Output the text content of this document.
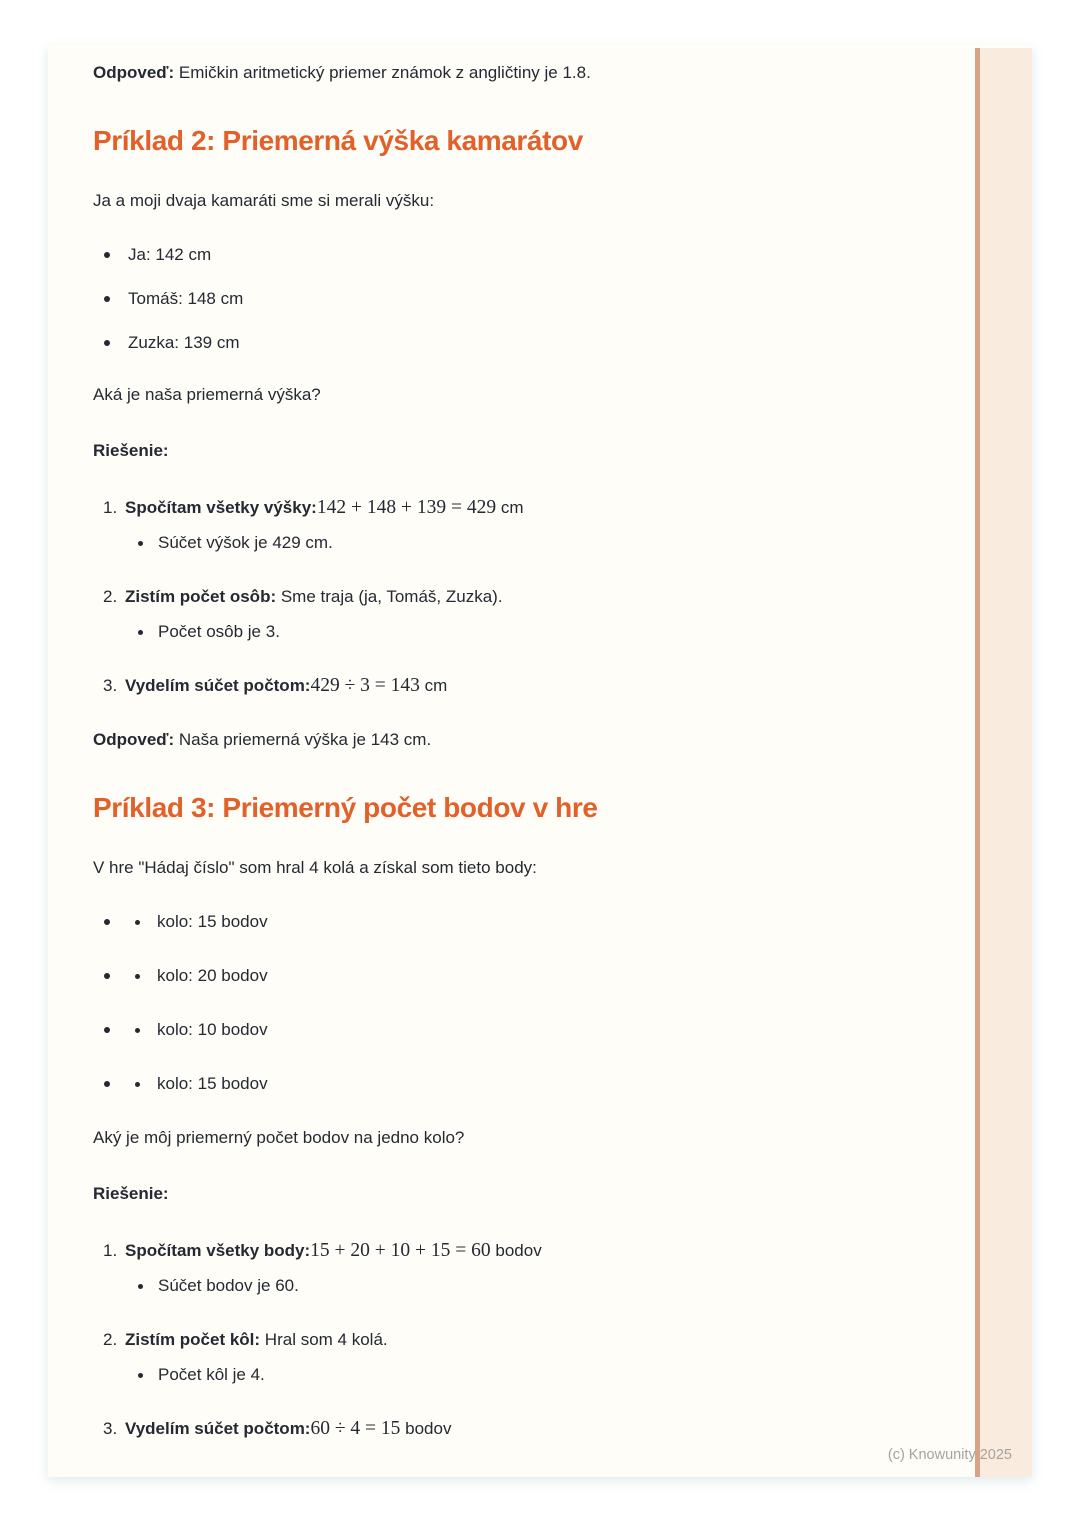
Odpoveď: Emičkin aritmetický priemer známok z angličtiny je 1.8.

Príklad 2: Priemerná výška kamarátov

Ja a moji dvaja kamaráti sme si merali výšku:

Ja: 142 cm
Tomáš: 148 cm
Zuzka: 139 cm

Aká je naša priemerná výška?

Riešenie:

1. Spočítam všetky výšky:142 + 148 + 139 = 429 cm
Súčet výšok je 429 cm.
2. Zistím počet osôb: Sme traja (ja, Tomáš, Zuzka).
Počet osôb je 3.
3. Vydelím súčet počtom:429 ÷ 3 = 143 cm

Odpoveď: Naša priemerná výška je 143 cm.

Príklad 3: Priemerný počet bodov v hre

V hre "Hádaj číslo" som hral 4 kolá a získal som tieto body:

kolo: 15 bodov
kolo: 20 bodov
kolo: 10 bodov
kolo: 15 bodov

Aký je môj priemerný počet bodov na jedno kolo?

Riešenie:

1. Spočítam všetky body:15 + 20 + 10 + 15 = 60 bodov
Súčet bodov je 60.
2. Zistím počet kôl: Hral som 4 kolá.
Počet kôl je 4.
3. Vydelím súčet počtom:60 ÷ 4 = 15 bodov
(c) Knowunity 2025
